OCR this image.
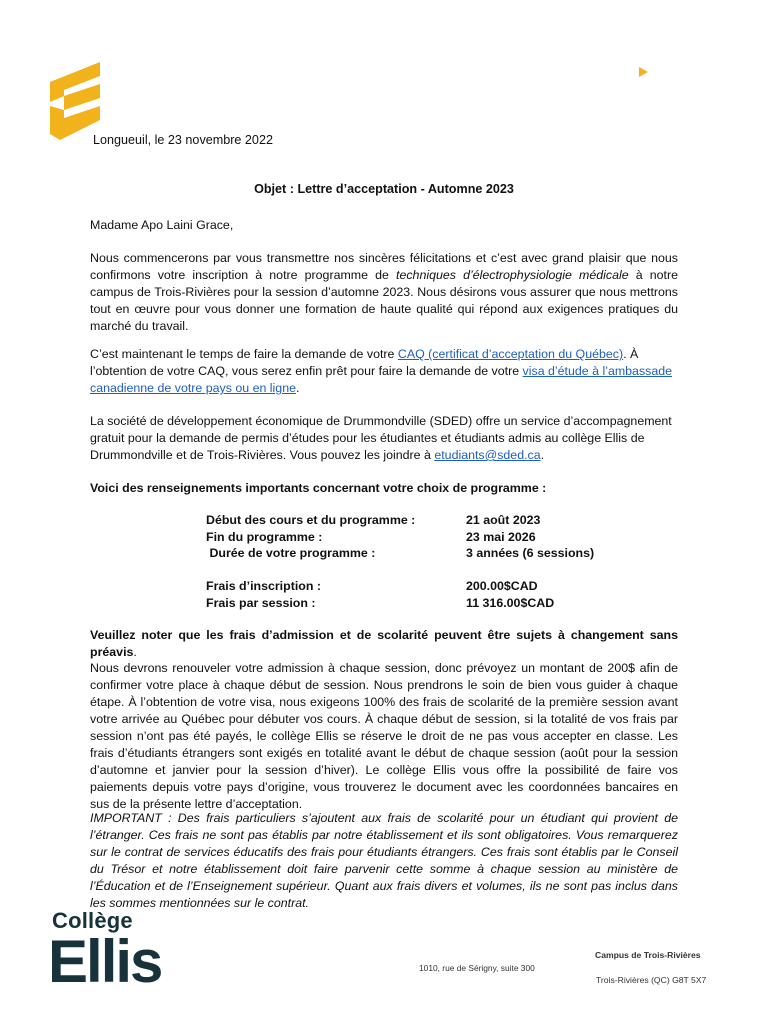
Longueuil, le 23 novembre 2022
Objet : Lettre d’acceptation - Automne 2023
Madame Apo Laini Grace,
Nous commencerons par vous transmettre nos sincères félicitations et c’est avec grand plaisir que nous confirmons votre inscription à notre programme de techniques d’électrophysiologie médicale à notre campus de Trois-Rivières pour la session d’automne 2023. Nous désirons vous assurer que nous mettrons tout en œuvre pour vous donner une formation de haute qualité qui répond aux exigences pratiques du marché du travail.
C’est maintenant le temps de faire la demande de votre CAQ (certificat d’acceptation du Québec). À l’obtention de votre CAQ, vous serez enfin prêt pour faire la demande de votre visa d’étude à l’ambassade canadienne de votre pays ou en ligne.
La société de développement économique de Drummondville (SDED) offre un service d’accompagnement gratuit pour la demande de permis d’études pour les étudiantes et étudiants admis au collège Ellis de Drummondville et de Trois-Rivières. Vous pouvez les joindre à etudiants@sded.ca.
Voici des renseignements importants concernant votre choix de programme :
Début des cours et du programme :	21 août 2023
Fin du programme :	23 mai 2026
Durée de votre programme :	3 années (6 sessions)
Frais d’inscription :	200.00$CAD
Frais par session :	11 316.00$CAD
Veuillez noter que les frais d’admission et de scolarité peuvent être sujets à changement sans préavis.
Nous devrons renouveler votre admission à chaque session, donc prévoyez un montant de 200$ afin de confirmer votre place à chaque début de session. Nous prendrons le soin de bien vous guider à chaque étape. À l’obtention de votre visa, nous exigeons 100% des frais de scolarité de la première session avant votre arrivée au Québec pour débuter vos cours. À chaque début de session, si la totalité de vos frais par session n’ont pas été payés, le collège Ellis se réserve le droit de ne pas vous accepter en classe. Les frais d’étudiants étrangers sont exigés en totalité avant le début de chaque session (août pour la session d’automne et janvier pour la session d’hiver). Le collège Ellis vous offre la possibilité de faire vos paiements depuis votre pays d’origine, vous trouverez le document avec les coordonnées bancaires en sus de la présente lettre d’acceptation.
IMPORTANT : Des frais particuliers s’ajoutent aux frais de scolarité pour un étudiant qui provient de l’étranger. Ces frais ne sont pas établis par notre établissement et ils sont obligatoires. Vous remarquerez sur le contrat de services éducatifs des frais pour étudiants étrangers. Ces frais sont établis par le Conseil du Trésor et notre établissement doit faire parvenir cette somme à chaque session au ministère de l’Éducation et de l’Enseignement supérieur. Quant aux frais divers et volumes, ils ne sont pas inclus dans les sommes mentionnées sur le contrat.
Collège
Ellis	1010, rue de Sérigny, suite 300
Campus de Trois-Rivières
Trois-Rivières (QC) G8T 5X7
